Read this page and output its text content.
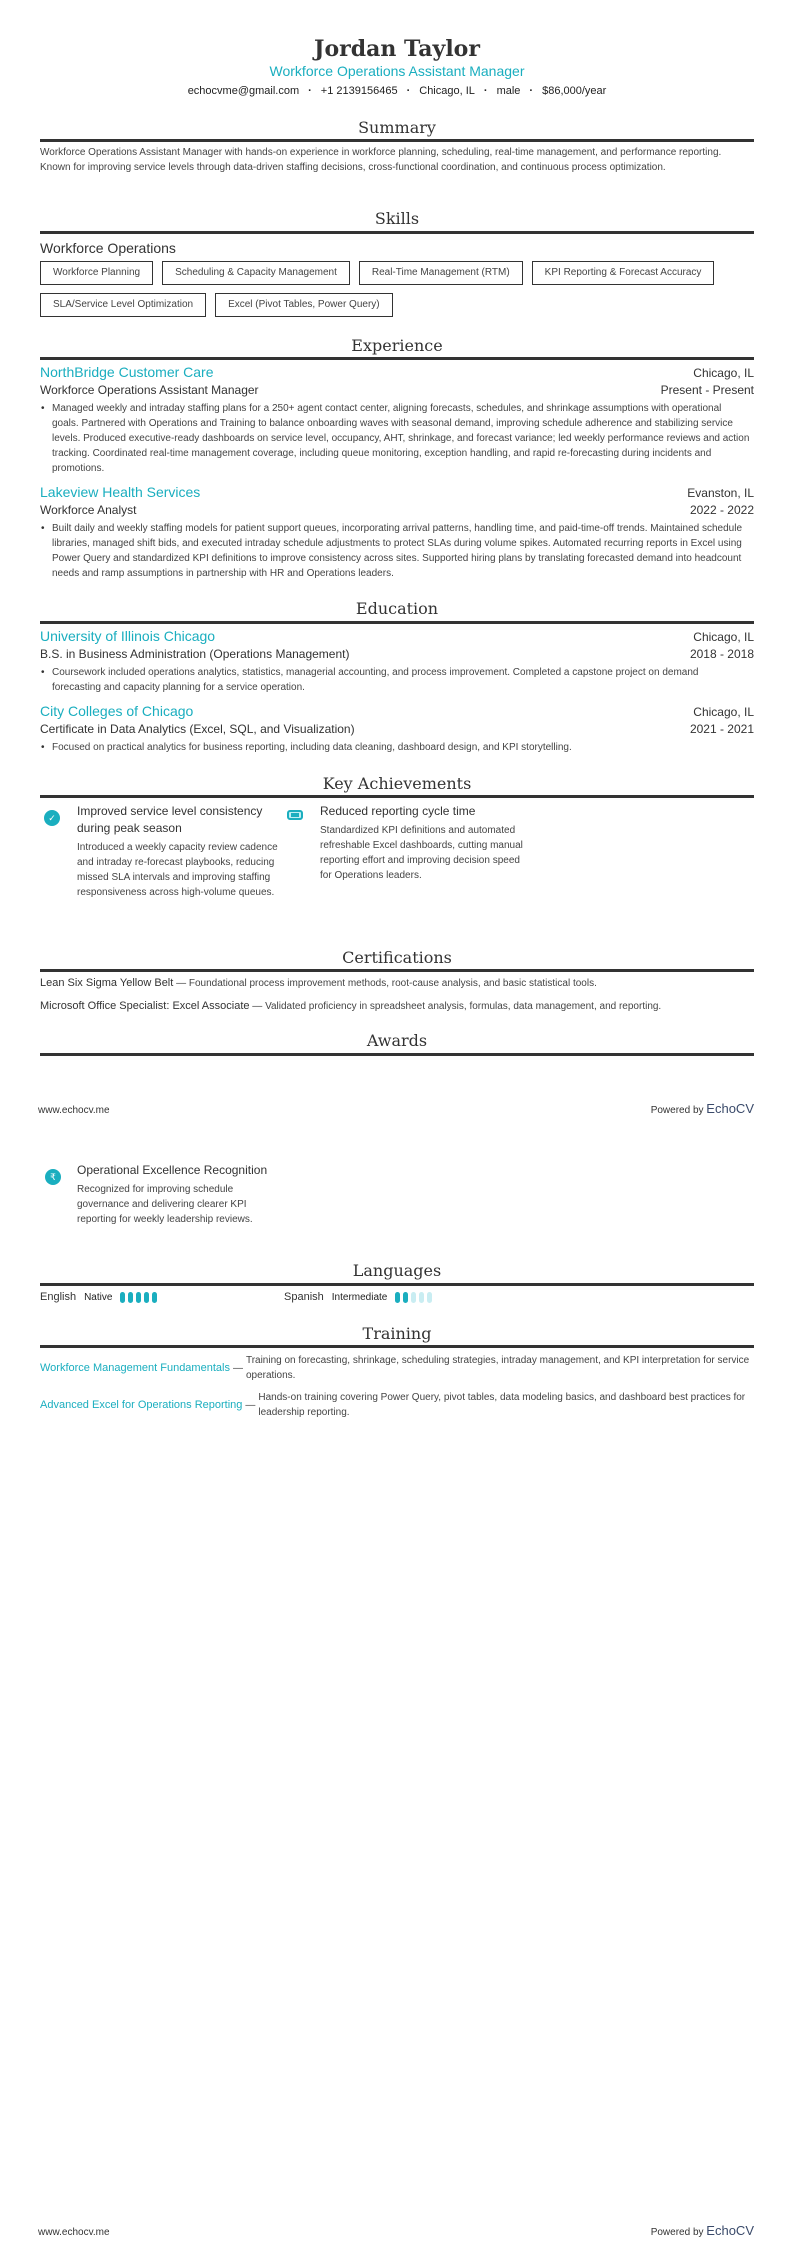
Jordan Taylor
Workforce Operations Assistant Manager
echocvme@gmail.com · +1 2139156465 · Chicago, IL · male · $86,000/year
Summary
Workforce Operations Assistant Manager with hands-on experience in workforce planning, scheduling, real-time management, and performance reporting. Known for improving service levels through data-driven staffing decisions, cross-functional coordination, and continuous process optimization.
Skills
Workforce Operations
Workforce Planning	Scheduling & Capacity Management	Real-Time Management (RTM)	KPI Reporting & Forecast Accuracy
SLA/Service Level Optimization	Excel (Pivot Tables, Power Query)
Experience
NorthBridge Customer Care	Chicago, IL
Workforce Operations Assistant Manager	Present - Present
• Managed weekly and intraday staffing plans for a 250+ agent contact center, aligning forecasts, schedules, and shrinkage assumptions with operational goals. Partnered with Operations and Training to balance onboarding waves with seasonal demand, improving schedule adherence and stabilizing service levels. Produced executive-ready dashboards on service level, occupancy, AHT, shrinkage, and forecast variance; led weekly performance reviews and action tracking. Coordinated real-time management coverage, including queue monitoring, exception handling, and rapid re-forecasting during incidents and promotions.
Lakeview Health Services	Evanston, IL
Workforce Analyst	2022 - 2022
• Built daily and weekly staffing models for patient support queues, incorporating arrival patterns, handling time, and paid-time-off trends. Maintained schedule libraries, managed shift bids, and executed intraday schedule adjustments to protect SLAs during volume spikes. Automated recurring reports in Excel using Power Query and standardized KPI definitions to improve consistency across sites. Supported hiring plans by translating forecasted demand into headcount needs and ramp assumptions in partnership with HR and Operations leaders.
Education
University of Illinois Chicago	Chicago, IL
B.S. in Business Administration (Operations Management)	2018 - 2018
• Coursework included operations analytics, statistics, managerial accounting, and process improvement. Completed a capstone project on demand forecasting and capacity planning for a service operation.
City Colleges of Chicago	Chicago, IL
Certificate in Data Analytics (Excel, SQL, and Visualization)	2021 - 2021
• Focused on practical analytics for business reporting, including data cleaning, dashboard design, and KPI storytelling.
Key Achievements
✓	Improved service level consistency during peak season
Introduced a weekly capacity review cadence and intraday re-forecast playbooks, reducing missed SLA intervals and improving staffing responsiveness across high-volume queues.
Reduced reporting cycle time
Standardized KPI definitions and automated refreshable Excel dashboards, cutting manual reporting effort and improving decision speed for Operations leaders.
Certifications
Lean Six Sigma Yellow Belt — Foundational process improvement methods, root-cause analysis, and basic statistical tools.
Microsoft Office Specialist: Excel Associate — Validated proficiency in spreadsheet analysis, formulas, data management, and reporting.
Awards
www.echocv.me	Powered by EchoCV
₹	Operational Excellence Recognition
Recognized for improving schedule governance and delivering clearer KPI reporting for weekly leadership reviews.
Languages
English Native	Spanish Intermediate
Training
Workforce Management Fundamentals —
Training on forecasting, shrinkage, scheduling strategies, intraday management, and KPI interpretation for service operations.
Advanced Excel for Operations Reporting —
Hands-on training covering Power Query, pivot tables, data modeling basics, and dashboard best practices for leadership reporting.
www.echocv.me	Powered by EchoCV
